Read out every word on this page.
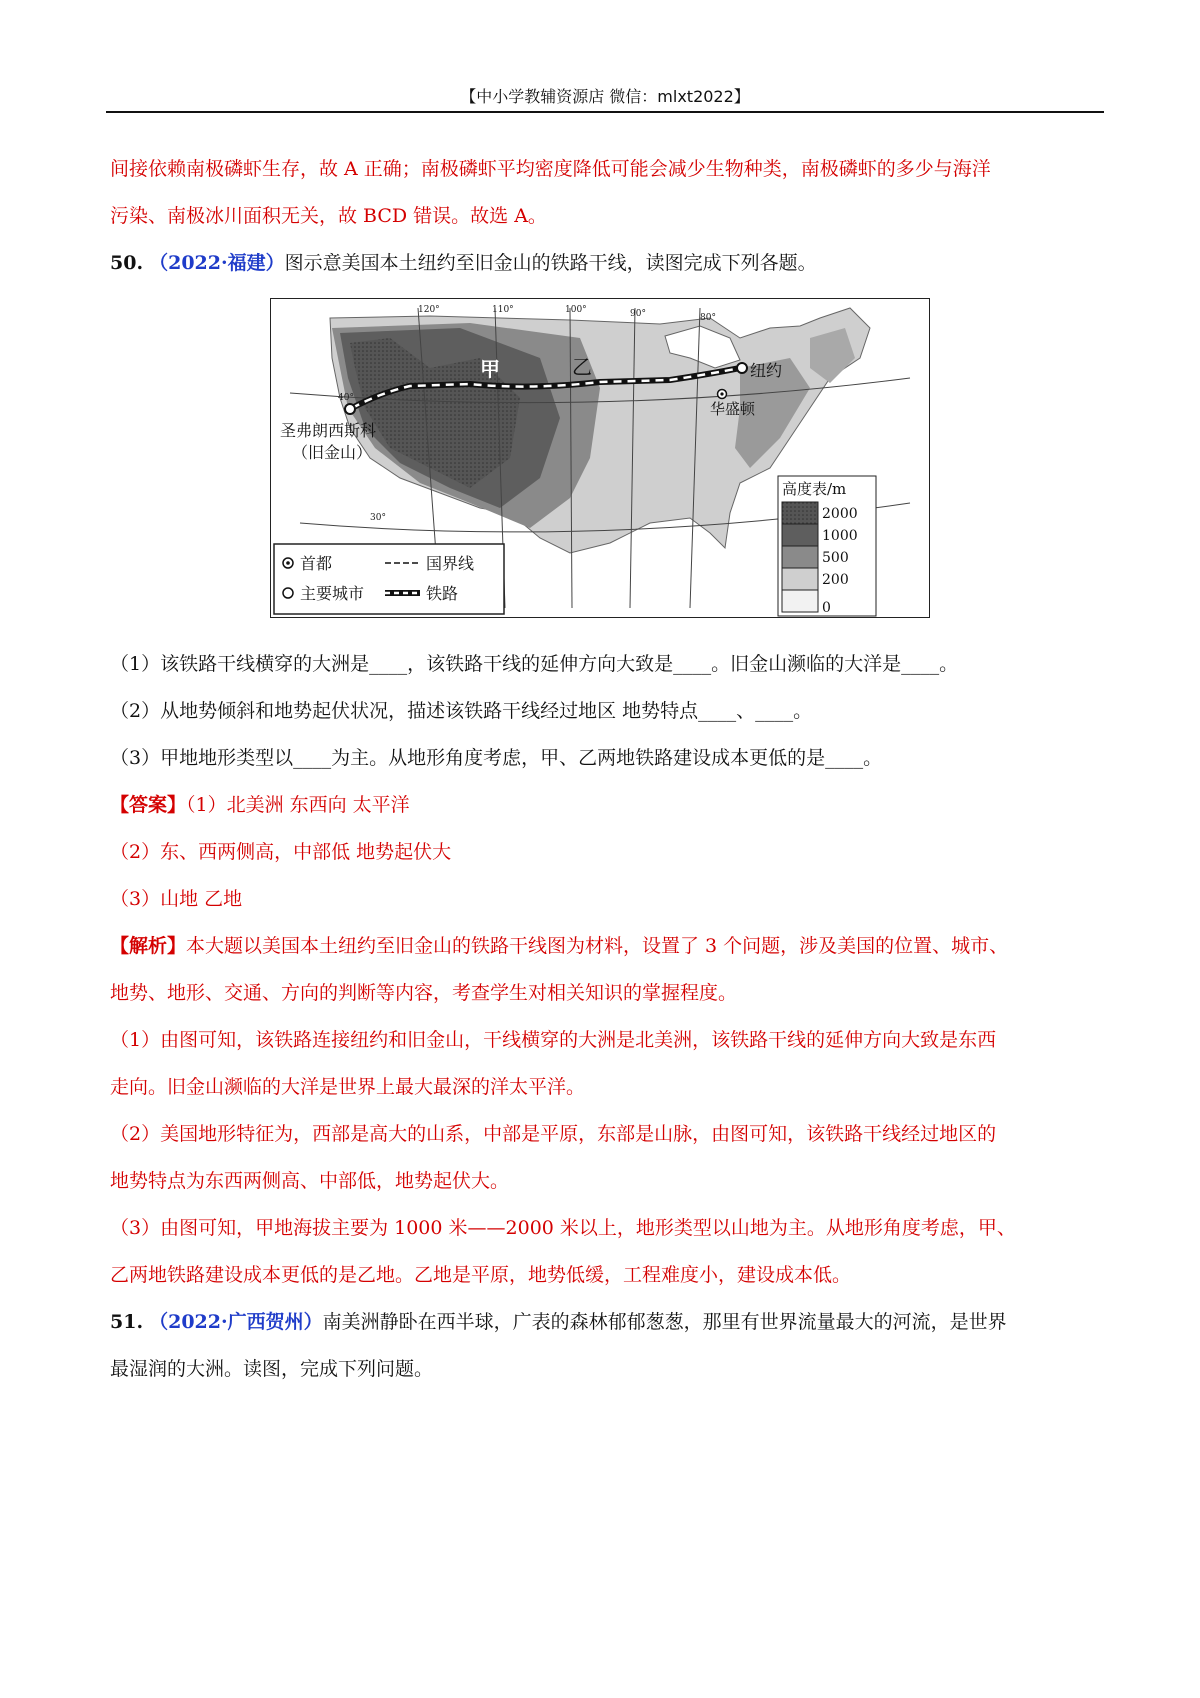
【中小学教辅资源店 微信：mlxt2022】
间接依赖南极磷虾生存，故 A 正确；南极磷虾平均密度降低可能会减少生物种类，南极磷虾的多少与海洋
污染、南极冰川面积无关，故 BCD 错误。故选 A。
50. （2022·福建）图示意美国本土纽约至旧金山的铁路干线，读图完成下列各题。
120°	110°	100°	90°	80°
40°
30°
甲	乙	纽约
华盛顿
圣弗朗西斯科
（旧金山）
首都
主要城市
国界线
铁路
高度表/m
2000
1000
500
200
0
（1）该铁路干线横穿的大洲是____，该铁路干线的延伸方向大致是____。旧金山濒临的大洋是____。
（2）从地势倾斜和地势起伏状况，描述该铁路干线经过地区 地势特点____、____。
（3）甲地地形类型以____为主。从地形角度考虑，甲、乙两地铁路建设成本更低的是____。
【答案】（1）北美洲 东西向 太平洋
（2）东、西两侧高，中部低 地势起伏大
（3）山地 乙地
【解析】本大题以美国本土纽约至旧金山的铁路干线图为材料，设置了 3 个问题，涉及美国的位置、城市、
地势、地形、交通、方向的判断等内容，考查学生对相关知识的掌握程度。
（1）由图可知，该铁路连接纽约和旧金山，干线横穿的大洲是北美洲，该铁路干线的延伸方向大致是东西
走向。旧金山濒临的大洋是世界上最大最深的洋太平洋。
（2）美国地形特征为，西部是高大的山系，中部是平原，东部是山脉，由图可知，该铁路干线经过地区的
地势特点为东西两侧高、中部低，地势起伏大。
（3）由图可知，甲地海拔主要为 1000 米——2000 米以上，地形类型以山地为主。从地形角度考虑，甲、
乙两地铁路建设成本更低的是乙地。乙地是平原，地势低缓，工程难度小，建设成本低。
51. （2022·广西贺州）南美洲静卧在西半球，广表的森林郁郁葱葱，那里有世界流量最大的河流，是世界
最湿润的大洲。读图，完成下列问题。
